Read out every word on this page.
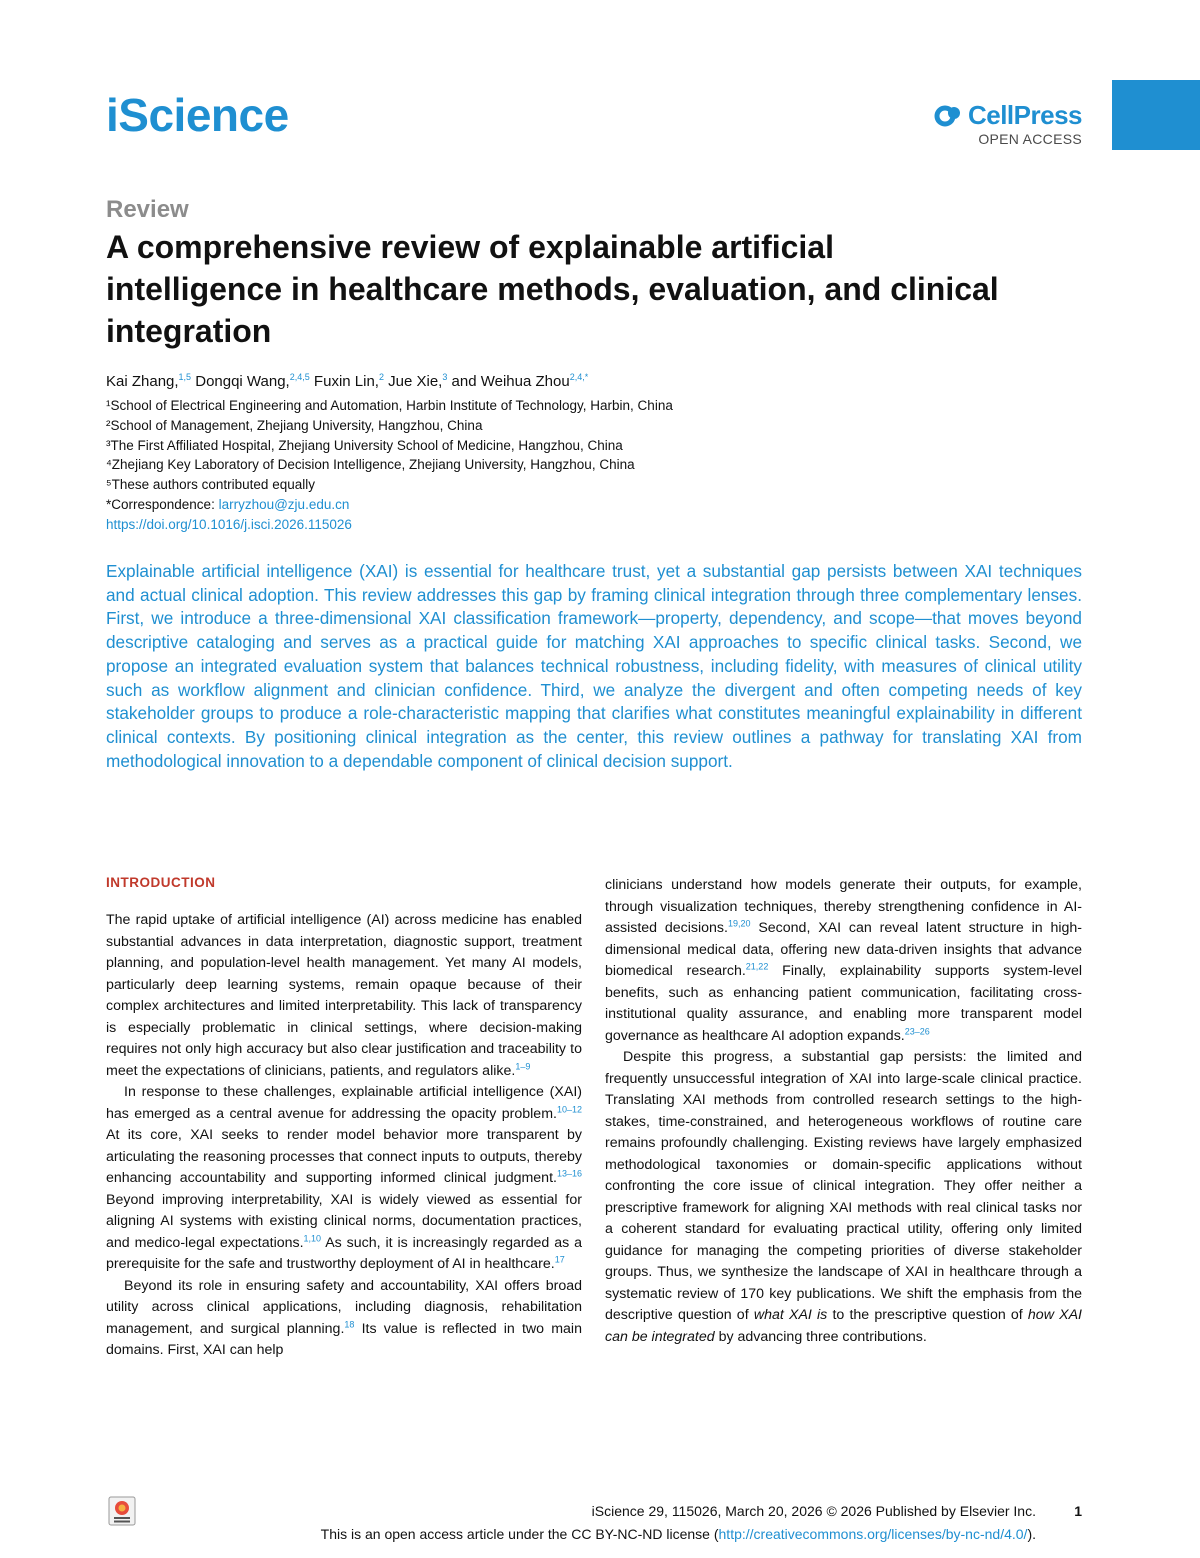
iScience	CellPress
OPEN ACCESS
Review
A comprehensive review of explainable artificial intelligence in healthcare methods, evaluation, and clinical integration
Kai Zhang,$^{1,5}$ Dongqi Wang,$^{2,4,5}$ Fuxin Lin,$^2$ Jue Xie,$^3$ and Weihua Zhou$^{2,4,*}$
¹School of Electrical Engineering and Automation, Harbin Institute of Technology, Harbin, China
²School of Management, Zhejiang University, Hangzhou, China
³The First Affiliated Hospital, Zhejiang University School of Medicine, Hangzhou, China
⁴Zhejiang Key Laboratory of Decision Intelligence, Zhejiang University, Hangzhou, China
⁵These authors contributed equally
*Correspondence: larryzhou@zju.edu.cn
https://doi.org/10.1016/j.isci.2026.115026

Explainable artificial intelligence (XAI) is essential for healthcare trust, yet a substantial gap persists between XAI techniques and actual clinical adoption. This review addresses this gap by framing clinical integration through three complementary lenses. First, we introduce a three-dimensional XAI classification framework—property, dependency, and scope—that moves beyond descriptive cataloging and serves as a practical guide for matching XAI approaches to specific clinical tasks. Second, we propose an integrated evaluation system that balances technical robustness, including fidelity, with measures of clinical utility such as workflow alignment and clinician confidence. Third, we analyze the divergent and often competing needs of key stakeholder groups to produce a role-characteristic mapping that clarifies what constitutes meaningful explainability in different clinical contexts. By positioning clinical integration as the center, this review outlines a pathway for translating XAI from methodological innovation to a dependable component of clinical decision support.

INTRODUCTION

The rapid uptake of artificial intelligence (AI) across medicine has enabled substantial advances in data interpretation, diagnostic support, treatment planning, and population-level health management. Yet many AI models, particularly deep learning systems, remain opaque because of their complex architectures and limited interpretability. This lack of transparency is especially problematic in clinical settings, where decision-making requires not only high accuracy but also clear justification and traceability to meet the expectations of clinicians, patients, and regulators alike.$^{1-9}$

In response to these challenges, explainable artificial intelligence (XAI) has emerged as a central avenue for addressing the opacity problem.$^{10-12}$ At its core, XAI seeks to render model behavior more transparent by articulating the reasoning processes that connect inputs to outputs, thereby enhancing accountability and supporting informed clinical judgment.$^{13-16}$ Beyond improving interpretability, XAI is widely viewed as essential for aligning AI systems with existing clinical norms, documentation practices, and medico-legal expectations.$^{1,10}$ As such, it is increasingly regarded as a prerequisite for the safe and trustworthy deployment of AI in healthcare.$^{17}$

Beyond its role in ensuring safety and accountability, XAI offers broad utility across clinical applications, including diagnosis, rehabilitation management, and surgical planning.$^{18}$ Its value is reflected in two main domains. First, XAI can help

clinicians understand how models generate their outputs, for example, through visualization techniques, thereby strengthening confidence in AI-assisted decisions.$^{19,20}$ Second, XAI can reveal latent structure in high-dimensional medical data, offering new data-driven insights that advance biomedical research.$^{21,22}$ Finally, explainability supports system-level benefits, such as enhancing patient communication, facilitating cross-institutional quality assurance, and enabling more transparent model governance as healthcare AI adoption expands.$^{23-26}$

Despite this progress, a substantial gap persists: the limited and frequently unsuccessful integration of XAI into large-scale clinical practice. Translating XAI methods from controlled research settings to the high-stakes, time-constrained, and heterogeneous workflows of routine care remains profoundly challenging. Existing reviews have largely emphasized methodological taxonomies or domain-specific applications without confronting the core issue of clinical integration. They offer neither a prescriptive framework for aligning XAI methods with real clinical tasks nor a coherent standard for evaluating practical utility, offering only limited guidance for managing the competing priorities of diverse stakeholder groups. Thus, we synthesize the landscape of XAI in healthcare through a systematic review of 170 key publications. We shift the emphasis from the descriptive question of what XAI is to the prescriptive question of how XAI can be integrated by advancing three contributions.

iScience 29, 115026, March 20, 2026 © 2026 Published by Elsevier Inc.	1
This is an open access article under the CC BY-NC-ND license (http://creativecommons.org/licenses/by-nc-nd/4.0/).
